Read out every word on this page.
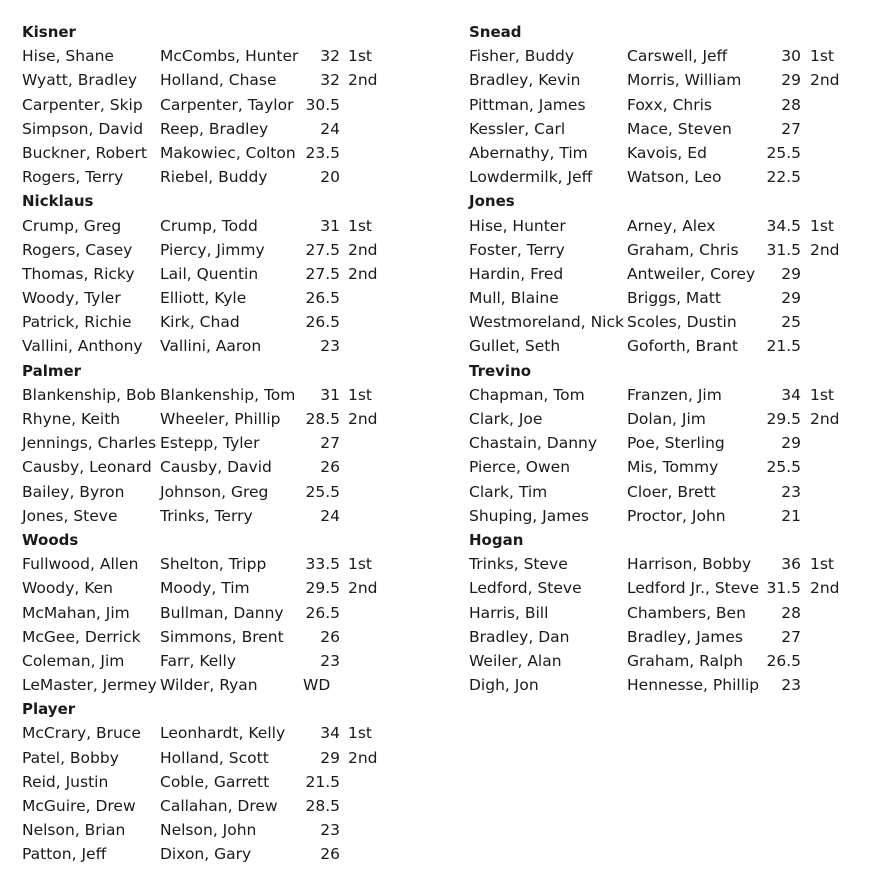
Kisner
Hise, Shane	McCombs, Hunter	32 1st
Wyatt, Bradley Holland, Chase	32 2nd
Carpenter, Skip Carpenter, Taylor 30.5
Simpson, David Reep, Bradley	24
Buckner, Robert Makowiec, Colton 23.5
Rogers, Terry Riebel, Buddy	20
Nicklaus
Crump, Greg	Crump, Todd	31 1st
Rogers, Casey Piercy, Jimmy	27.5 2nd
Thomas, Ricky Lail, Quentin	27.5 2nd
Woody, Tyler	Elliott, Kyle	26.5
Patrick, Richie Kirk, Chad	26.5
Vallini, Anthony Vallini, Aaron	23
Palmer
Blankenship, Bob Blankenship, Tom	31 1st
Rhyne, Keith	Wheeler, Phillip	28.5 2nd
Jennings, Charles Estepp, Tyler	27
Causby, Leonard Causby, David	26
Bailey, Byron Johnson, Greg	25.5
Jones, Steve	Trinks, Terry	24
Woods
Fullwood, Allen Shelton, Tripp	33.5 1st
Woody, Ken	Moody, Tim	29.5 2nd
McMahan, Jim Bullman, Danny	26.5
McGee, Derrick Simmons, Brent	26
Coleman, Jim Farr, Kelly	23
LeMaster, Jermey Wilder, Ryan	WD
Player
McCrary, Bruce Leonhardt, Kelly	34 1st
Patel, Bobby	Holland, Scott	29 2nd
Reid, Justin	Coble, Garrett	21.5
McGuire, Drew Callahan, Drew	28.5
Nelson, Brian Nelson, John	23
Patton, Jeff	Dixon, Gary	26
Snead
Fisher, Buddy	Carswell, Jeff	30 1st
Bradley, Kevin	Morris, William	29 2nd
Pittman, James	Foxx, Chris	28
Kessler, Carl	Mace, Steven	27
Abernathy, Tim	Kavois, Ed	25.5
Lowdermilk, Jeff Watson, Leo	22.5
Jones
Hise, Hunter	Arney, Alex	34.5 1st
Foster, Terry	Graham, Chris	31.5 2nd
Hardin, Fred	Antweiler, Corey	29
Mull, Blaine	Briggs, Matt	29
Westmoreland, Nick Scoles, Dustin	25
Gullet, Seth	Goforth, Brant	21.5
Trevino
Chapman, Tom	Franzen, Jim	34 1st
Clark, Joe	Dolan, Jim	29.5 2nd
Chastain, Danny Poe, Sterling	29
Pierce, Owen	Mis, Tommy	25.5
Clark, Tim	Cloer, Brett	23
Shuping, James Proctor, John	21
Hogan
Trinks, Steve	Harrison, Bobby	36 1st
Ledford, Steve	Ledford Jr., Steve 31.5 2nd
Harris, Bill	Chambers, Ben	28
Bradley, Dan	Bradley, James	27
Weiler, Alan	Graham, Ralph	26.5
Digh, Jon	Hennesse, Phillip	23
